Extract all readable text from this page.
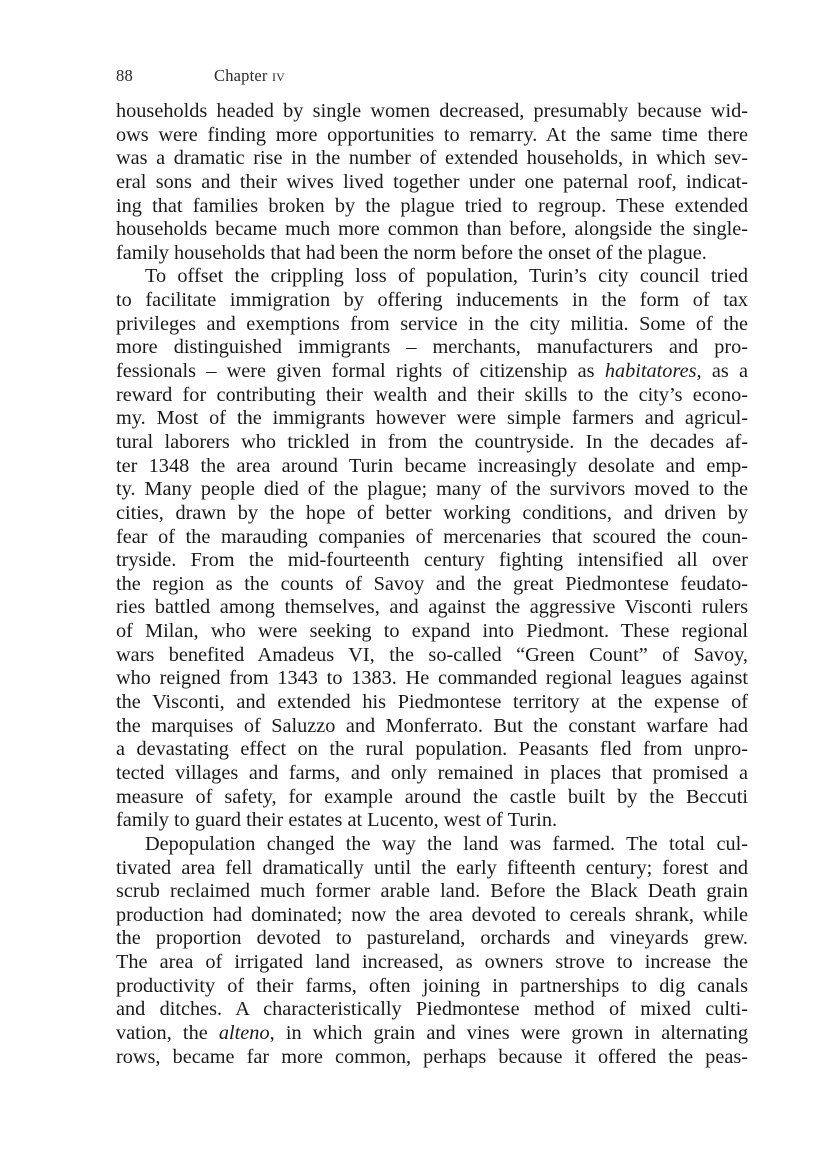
88	Chapter iv
households headed by single women decreased, presumably because wid-
ows were finding more opportunities to remarry. At the same time there
was a dramatic rise in the number of extended households, in which sev-
eral sons and their wives lived together under one paternal roof, indicat-
ing that families broken by the plague tried to regroup. These extended
households became much more common than before, alongside the single-
family households that had been the norm before the onset of the plague.
To offset the crippling loss of population, Turin’s city council tried
to facilitate immigration by offering inducements in the form of tax
privileges and exemptions from service in the city militia. Some of the
more distinguished immigrants – merchants, manufacturers and pro-
fessionals – were given formal rights of citizenship as habitatores, as a
reward for contributing their wealth and their skills to the city’s econo-
my. Most of the immigrants however were simple farmers and agricul-
tural laborers who trickled in from the countryside. In the decades af-
ter 1348 the area around Turin became increasingly desolate and emp-
ty. Many people died of the plague; many of the survivors moved to the
cities, drawn by the hope of better working conditions, and driven by
fear of the marauding companies of mercenaries that scoured the coun-
tryside. From the mid-fourteenth century fighting intensified all over
the region as the counts of Savoy and the great Piedmontese feudato-
ries battled among themselves, and against the aggressive Visconti rulers
of Milan, who were seeking to expand into Piedmont. These regional
wars benefited Amadeus VI, the so-called “Green Count” of Savoy,
who reigned from 1343 to 1383. He commanded regional leagues against
the Visconti, and extended his Piedmontese territory at the expense of
the marquises of Saluzzo and Monferrato. But the constant warfare had
a devastating effect on the rural population. Peasants fled from unpro-
tected villages and farms, and only remained in places that promised a
measure of safety, for example around the castle built by the Beccuti
family to guard their estates at Lucento, west of Turin.
Depopulation changed the way the land was farmed. The total cul-
tivated area fell dramatically until the early fifteenth century; forest and
scrub reclaimed much former arable land. Before the Black Death grain
production had dominated; now the area devoted to cereals shrank, while
the proportion devoted to pastureland, orchards and vineyards grew.
The area of irrigated land increased, as owners strove to increase the
productivity of their farms, often joining in partnerships to dig canals
and ditches. A characteristically Piedmontese method of mixed culti-
vation, the alteno, in which grain and vines were grown in alternating
rows, became far more common, perhaps because it offered the peas-
